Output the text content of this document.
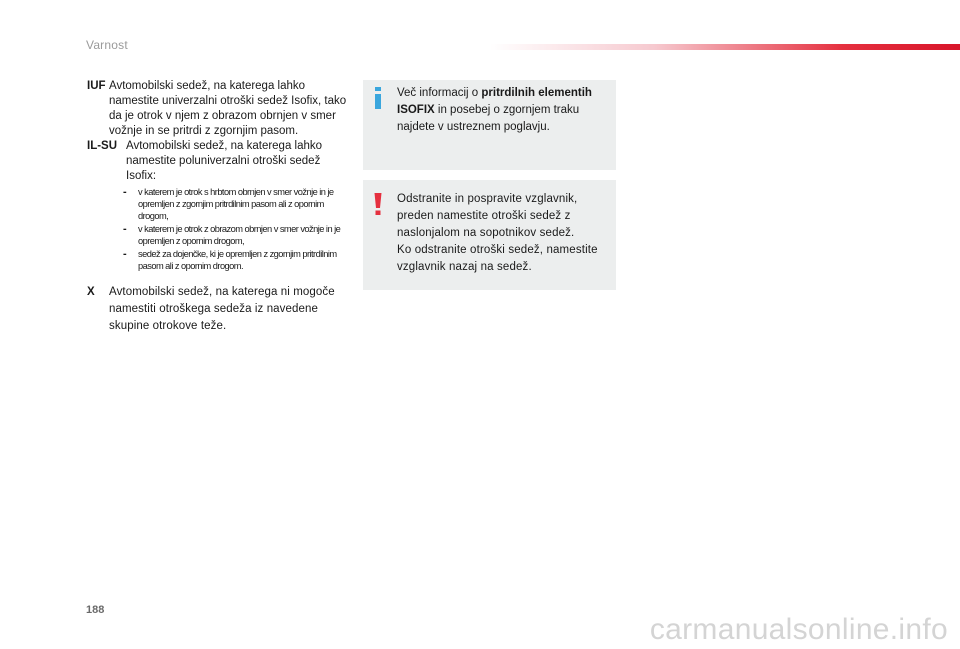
Varnost

IUF Avtomobilski sedež, na katerega lahko namestite univerzalni otroški sedež Isofix, tako da je otrok v njem z obrazom obrnjen v smer vožnje in se pritrdi z zgornjim pasom.

IL-SU Avtomobilski sedež, na katerega lahko namestite poluniverzalni otroški sedež Isofix:
- v katerem je otrok s hrbtom obrnjen v smer vožnje in je opremljen z zgornjim pritrdilnim pasom ali z opornim drogom,
- v katerem je otrok z obrazom obrnjen v smer vožnje in je opremljen z opornim drogom,
- sedež za dojenčke, ki je opremljen z zgornjim pritrdilnim pasom ali z opornim drogom.

X Avtomobilski sedež, na katerega ni mogoče namestiti otroškega sedeža iz navedene skupine otrokove teže.

Več informacij o pritrdilnih elementih ISOFIX in posebej o zgornjem traku najdete v ustreznem poglavju.
Odstranite in pospravite vzglavnik, preden namestite otroški sedež z naslonjalom na sopotnikov sedež.
Ko odstranite otroški sedež, namestite vzglavnik nazaj na sedež.
188
carmanualsonline.info
